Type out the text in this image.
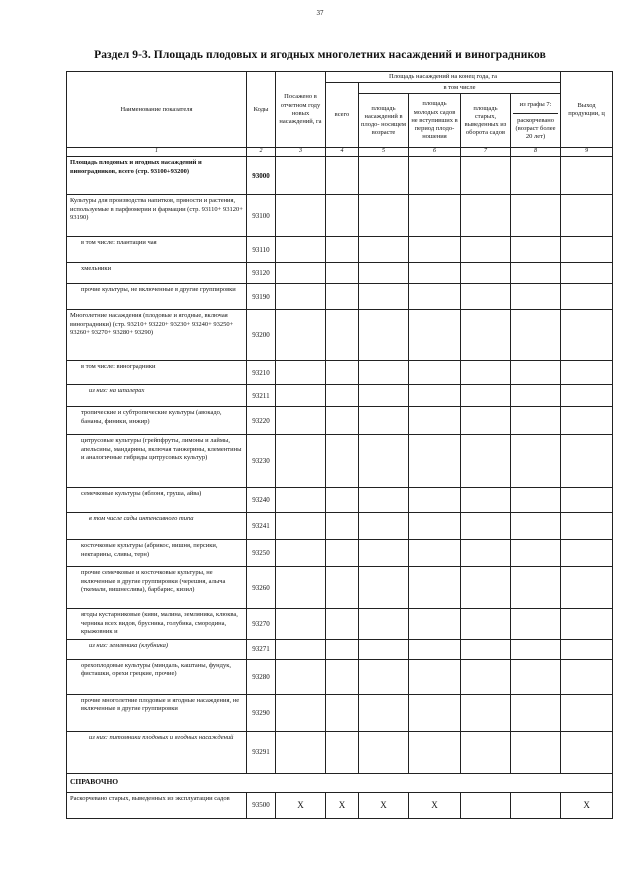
37
Раздел 9-3. Площадь плодовых и ягодных многолетних насаждений и виноградников
Наименование показателя	Коды	Посажено в отчетном году новых насаждений, га	Площадь насаждений на конец года, га					Выход продукции, ц
			всего	в том числе				
				площадь насаждений в плодо- носящем возрасте	площадь молодых садов не вступивших в период плодо- ношения	площадь старых, выведенных из оборота садов	из графы 7:
раскорчевано (возраст более 20 лет)	

1	2	3	4	5	6	7	8	9
Площадь плодовых и ягодных насаждений и виноградников, всего (стр. 93100+93200)	93000							
Культуры для производства напитков, пряности и растения, используемые в парфюмерии и фармации (стр. 93110+ 93120+ 93190)	93100							
в том числе: плантации чая	93110							
хмельники	93120							
прочие культуры, не включенные в другие группировки	93190							
Многолетние насаждения (плодовые и ягодные, включая виноградники) (стр. 93210+ 93220+ 93230+ 93240+ 93250+ 93260+ 93270+ 93280+ 93290)	93200							
в том числе: виноградники	93210							
из них: на шпалерах	93211							
тропические и субтропические культуры (авокадо, бананы, финики, инжир)	93220							
цитрусовые культуры (грейпфруты, лимоны и лаймы, апельсины, мандарины, включая танжерины, клементины и аналогичные гибриды цитрусовых культур)	93230							
семечковые культуры (яблоня, груша, айва)	93240							
в том числе сады интенсивного типа	93241							
косточковые культуры (абрикос, вишня, персики, нектарины, сливы, терн)	93250							
прочие семечковые и косточковые культуры, не включенные в другие группировки (черешня, алыча (ткемали, вишнеслива), барбарис, кизил)	93260							
ягоды кустарниковые (киви, малина, земляника, клюква, черника всех видов, брусника, голубика, смородина, крыжовник и	93270							
из них: земляника (клубника)	93271							
орехоплодовые культуры (миндаль, каштаны, фундук, фисташки, орехи грецкие, прочие)	93280							
прочие многолетние плодовые и ягодные насаждения, не включенные в другие группировки	93290							
из них: питомники плодовых и ягодных насаждений	93291							
СПРАВОЧНО								
Раскорчевано старых, выведенных из эксплуатации садов	93500	X	X	X	X			X
